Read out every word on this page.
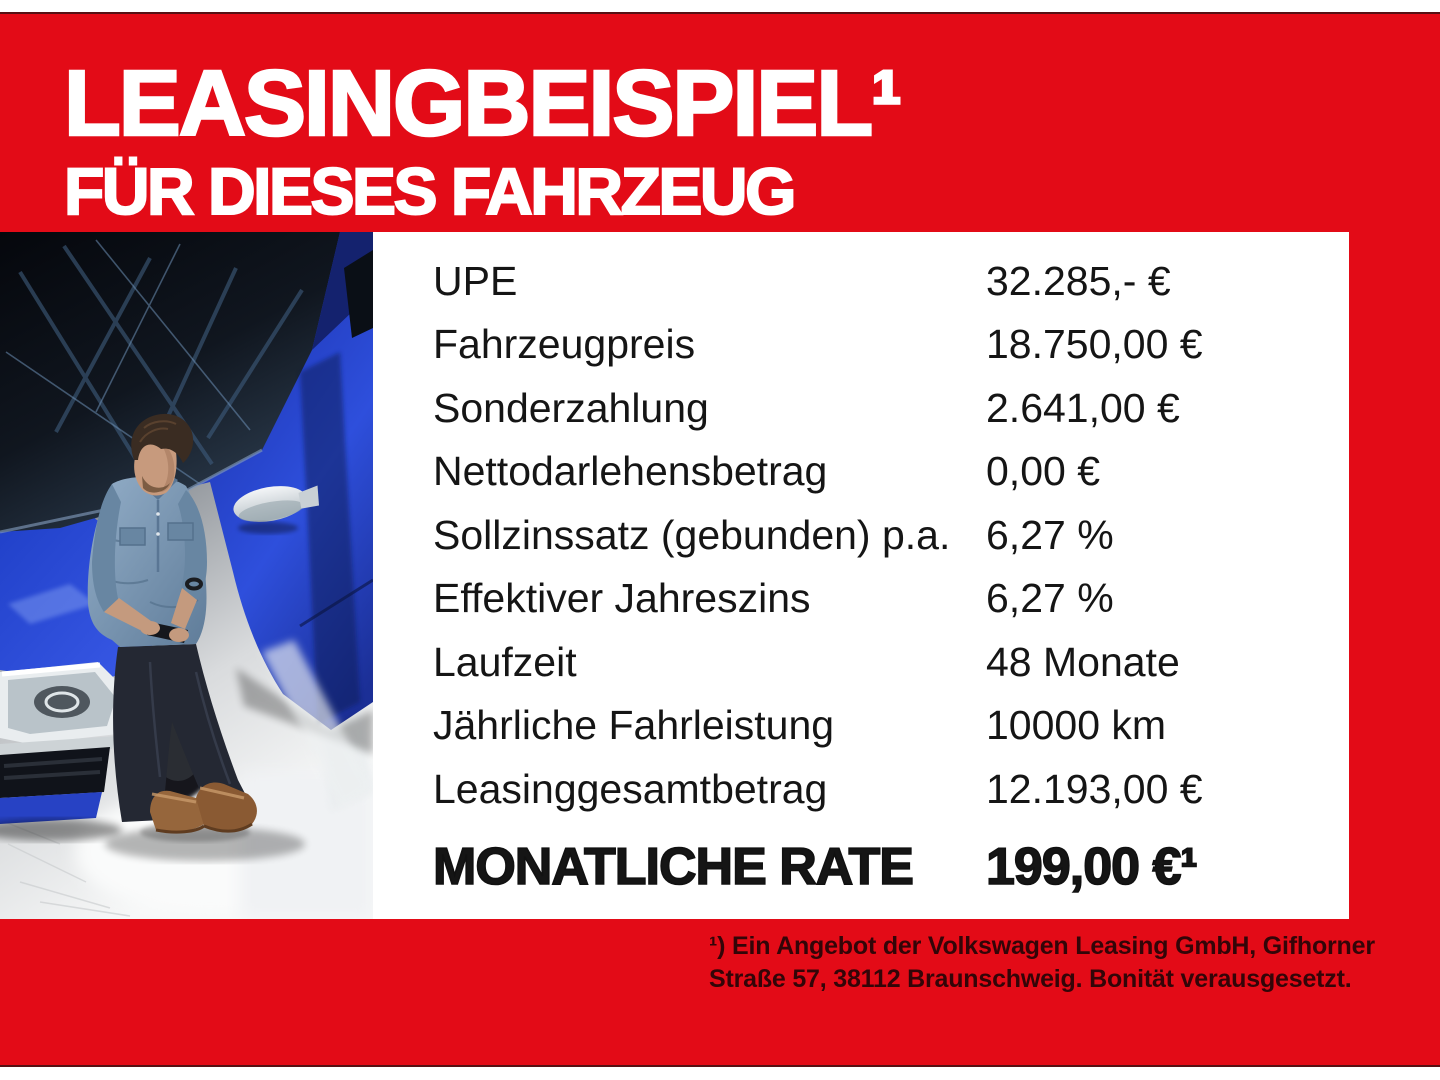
LEASINGBEISPIEL¹
FÜR DIESES FAHRZEUG
UPE	32.285,- €
Fahrzeugpreis	18.750,00 €
Sonderzahlung	2.641,00 €
Nettodarlehensbetrag	0,00 €
Sollzinssatz (gebunden) p.a. 6,27 %
Effektiver Jahreszins	6,27 %
Laufzeit	48 Monate
Jährliche Fahrleistung	10000 km
Leasinggesamtbetrag	12.193,00 €
MONATLICHE RATE	199,00 €¹
¹) Ein Angebot der Volkswagen Leasing GmbH, Gifhorner
Straße 57, 38112 Braunschweig. Bonität verausgesetzt.
